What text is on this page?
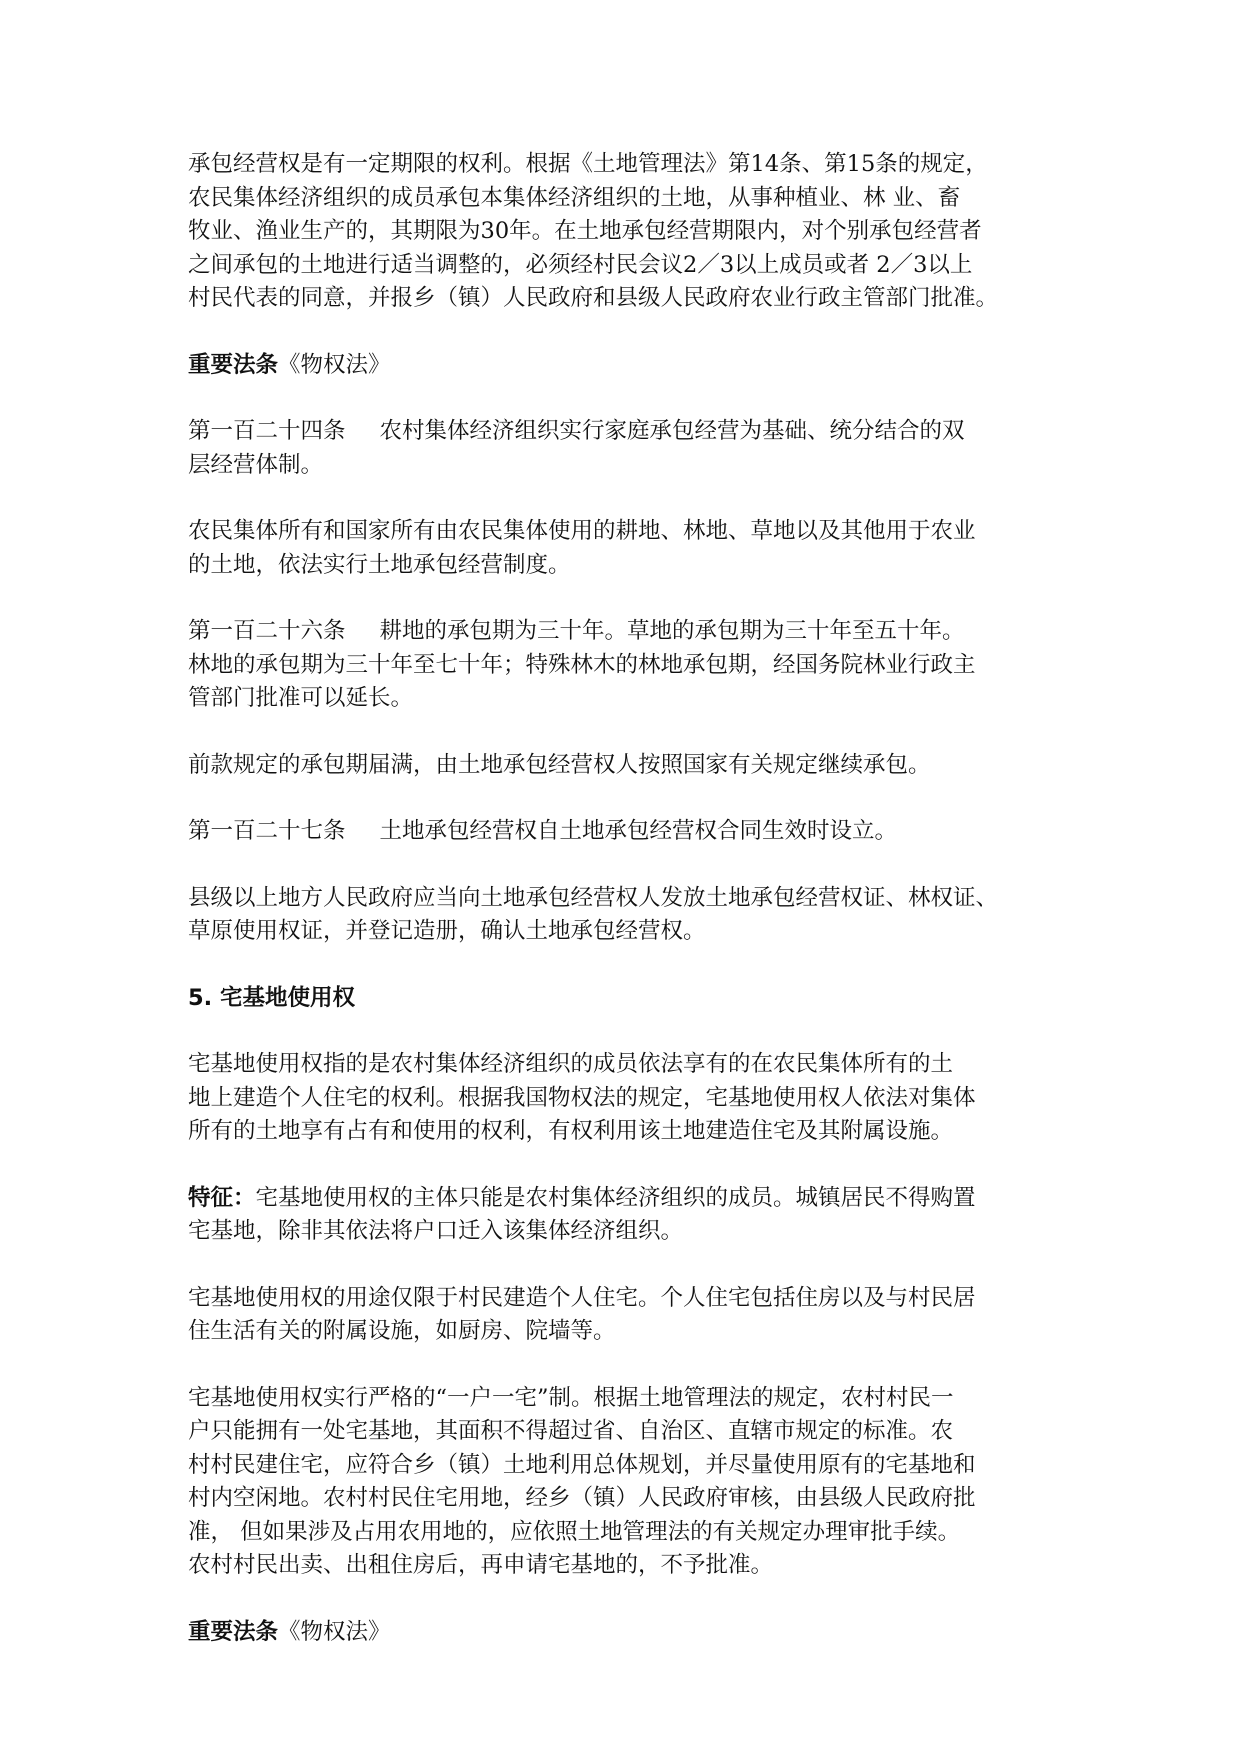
承包经营权是有一定期限的权利。根据《土地管理法》第14条、第15条的规定，
农民集体经济组织的成员承包本集体经济组织的土地，从事种植业、林 业、畜
牧业、渔业生产的，其期限为30年。在土地承包经营期限内，对个别承包经营者
之间承包的土地进行适当调整的，必须经村民会议2／3以上成员或者 2／3以上
村民代表的同意，并报乡（镇）人民政府和县级人民政府农业行政主管部门批准。

重要法条《物权法》

第一百二十四条 农村集体经济组织实行家庭承包经营为基础、统分结合的双
层经营体制。

农民集体所有和国家所有由农民集体使用的耕地、林地、草地以及其他用于农业
的土地，依法实行土地承包经营制度。

第一百二十六条 耕地的承包期为三十年。草地的承包期为三十年至五十年。
林地的承包期为三十年至七十年；特殊林木的林地承包期，经国务院林业行政主
管部门批准可以延长。

前款规定的承包期届满，由土地承包经营权人按照国家有关规定继续承包。

第一百二十七条 土地承包经营权自土地承包经营权合同生效时设立。

县级以上地方人民政府应当向土地承包经营权人发放土地承包经营权证、林权证、
草原使用权证，并登记造册，确认土地承包经营权。

5. 宅基地使用权

宅基地使用权指的是农村集体经济组织的成员依法享有的在农民集体所有的土
地上建造个人住宅的权利。根据我国物权法的规定，宅基地使用权人依法对集体
所有的土地享有占有和使用的权利，有权利用该土地建造住宅及其附属设施。

特征：宅基地使用权的主体只能是农村集体经济组织的成员。城镇居民不得购置
宅基地，除非其依法将户口迁入该集体经济组织。

宅基地使用权的用途仅限于村民建造个人住宅。个人住宅包括住房以及与村民居
住生活有关的附属设施，如厨房、院墙等。

宅基地使用权实行严格的“一户一宅”制。根据土地管理法的规定，农村村民一
户只能拥有一处宅基地，其面积不得超过省、自治区、直辖市规定的标准。农
村村民建住宅，应符合乡（镇）土地利用总体规划，并尽量使用原有的宅基地和
村内空闲地。农村村民住宅用地，经乡（镇）人民政府审核，由县级人民政府批
准， 但如果涉及占用农用地的，应依照土地管理法的有关规定办理审批手续。
农村村民出卖、出租住房后，再申请宅基地的，不予批准。

重要法条《物权法》
